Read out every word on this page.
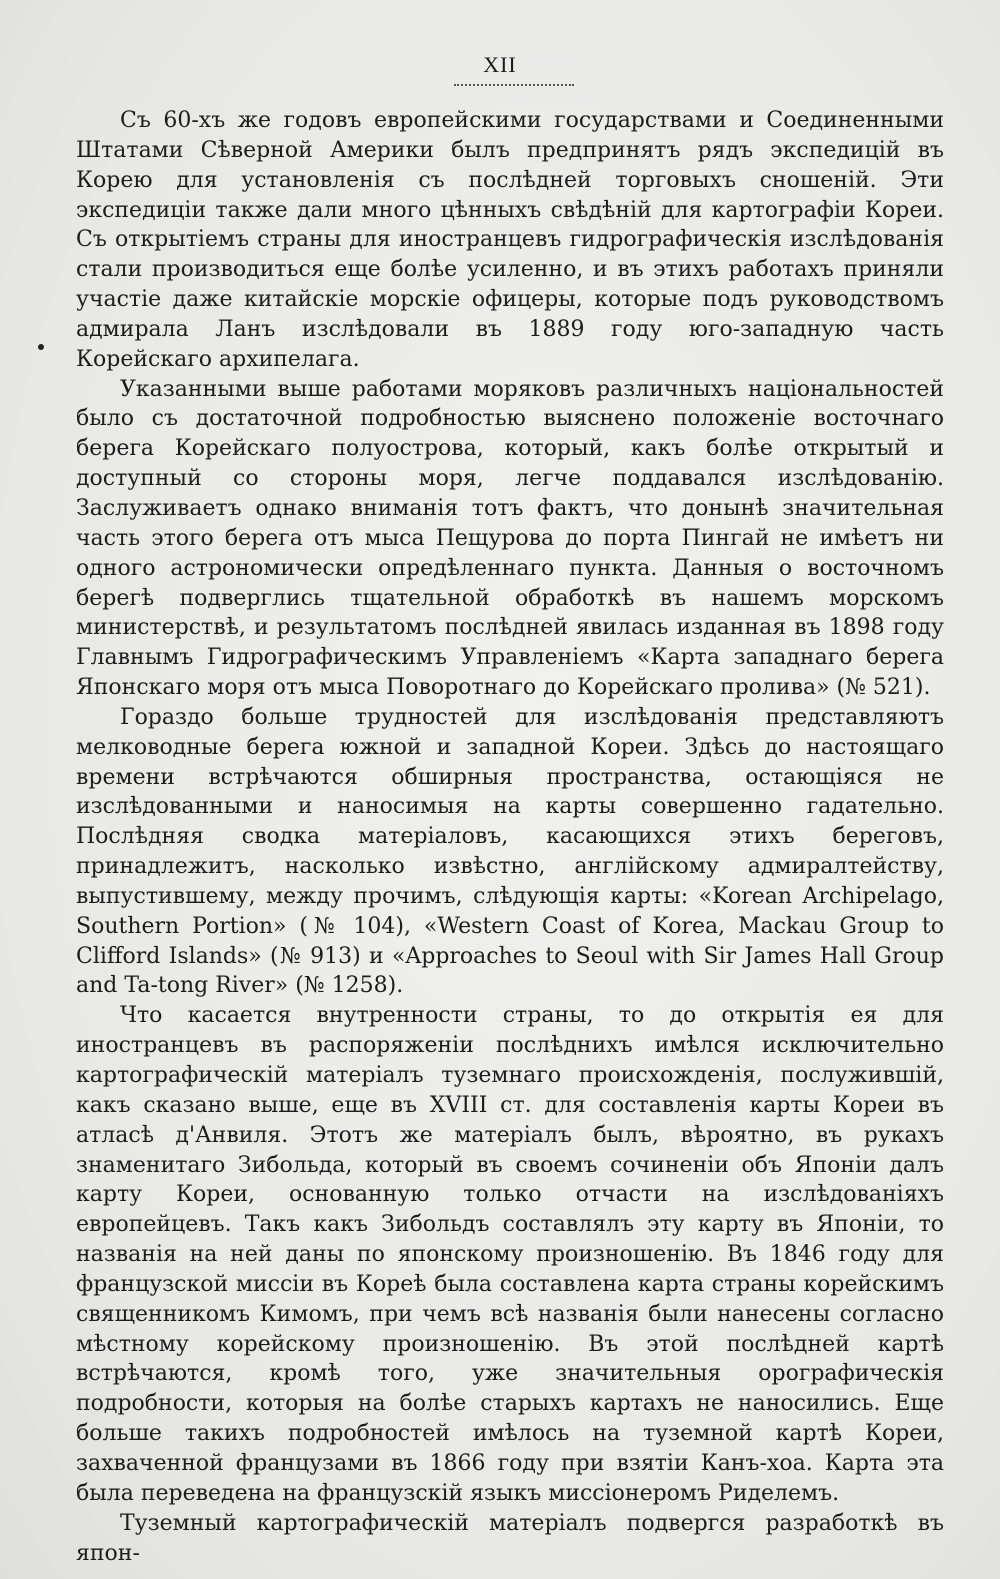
XII

Съ 60-хъ же годовъ европейскими государствами и Соединенными Штатами Сѣверной Америки былъ предпринятъ рядъ экспедицій въ Корею для установленія съ послѣдней торговыхъ сношеній. Эти экспедиціи также дали много цѣнныхъ свѣдѣній для картографіи Кореи. Съ открытіемъ страны для иностранцевъ гидрографическія изслѣдованія стали производиться еще болѣе усиленно, и въ этихъ работахъ приняли участіе даже китайскіе морскіе офицеры, которые подъ руководствомъ адмирала Ланъ изслѣдовали въ 1889 году юго-западную часть Корейскаго архипелага.

Указанными выше работами моряковъ различныхъ національностей было съ достаточной подробностью выяснено положеніе восточнаго берега Корейскаго полуострова, который, какъ болѣе открытый и доступный со стороны моря, легче поддавался изслѣдованію. Заслуживаетъ однако вниманія тотъ фактъ, что донынѣ значительная часть этого берега отъ мыса Пещурова до порта Пингай не имѣетъ ни одного астрономически опредѣленнаго пункта. Данныя о восточномъ берегѣ подверглись тщательной обработкѣ въ нашемъ морскомъ министерствѣ, и результатомъ послѣдней явилась изданная въ 1898 году Главнымъ Гидрографическимъ Управленіемъ «Карта западнаго берега Японскаго моря отъ мыса Поворотнаго до Корейскаго пролива» (№ 521).

Гораздо больше трудностей для изслѣдованія представляютъ мелководные берега южной и западной Кореи. Здѣсь до настоящаго времени встрѣчаются обширныя пространства, остающіяся не изслѣдованными и наносимыя на карты совершенно гадательно. Послѣдняя сводка матеріаловъ, касающихся этихъ береговъ, принадлежитъ, насколько извѣстно, англійскому адмиралтейству, выпустившему, между прочимъ, слѣдующія карты: «Korean Archipelago, Southern Portion» (№ 104), «Western Coast of Korea, Mackau Group to Clifford Islands» (№ 913) и «Approaches to Seoul with Sir James Hall Group and Ta-tong River» (№ 1258).

Что касается внутренности страны, то до открытія ея для иностранцевъ въ распоряженіи послѣднихъ имѣлся исключительно картографическій матеріалъ туземнаго происхожденія, послужившій, какъ сказано выше, еще въ XVIII ст. для составленія карты Кореи въ атласѣ д'Анвиля. Этотъ же матеріалъ былъ, вѣроятно, въ рукахъ знаменитаго Зибольда, который въ своемъ сочиненіи объ Японіи далъ карту Кореи, основанную только отчасти на изслѣдованіяхъ европейцевъ. Такъ какъ Зибольдъ составлялъ эту карту въ Японіи, то названія на ней даны по японскому произношенію. Въ 1846 году для французской миссіи въ Кореѣ была составлена карта страны корейскимъ священникомъ Кимомъ, при чемъ всѣ названія были нанесены согласно мѣстному корейскому произношенію. Въ этой послѣдней картѣ встрѣчаются, кромѣ того, уже значительныя орографическія подробности, которыя на болѣе старыхъ картахъ не наносились. Еще больше такихъ подробностей имѣлось на туземной картѣ Кореи, захваченной французами въ 1866 году при взятіи Канъ-хоа. Карта эта была переведена на французскій языкъ миссіонеромъ Риделемъ.

Туземный картографическій матеріалъ подвергся разработкѣ въ япон-
